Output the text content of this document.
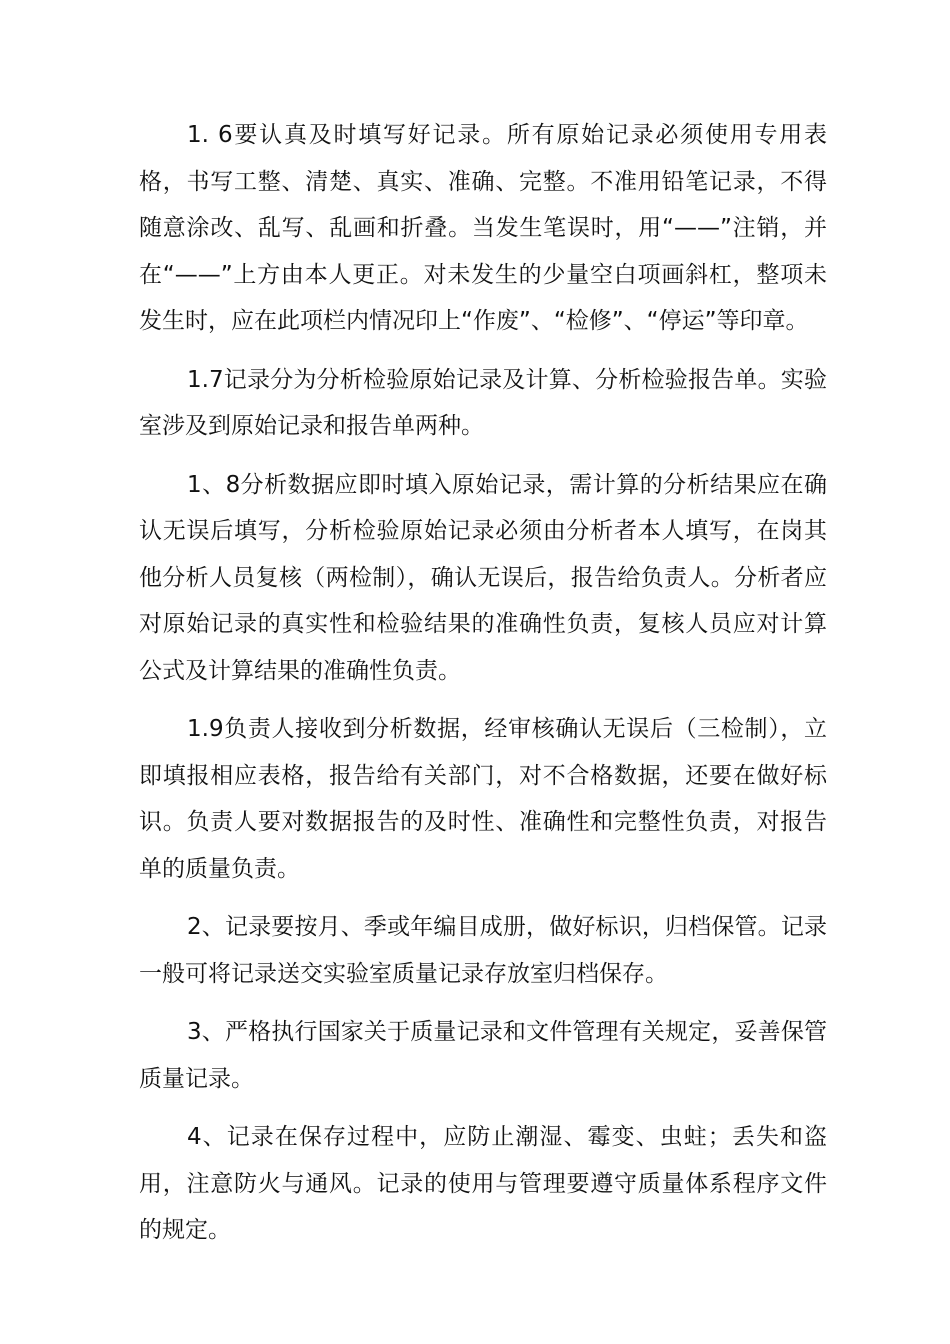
1. 6要认真及时填写好记录。所有原始记录必须使用专用表格，书写工整、清楚、真实、准确、完整。不准用铅笔记录，不得随意涂改、乱写、乱画和折叠。当发生笔误时，用“——”注销，并在“——”上方由本人更正。对未发生的少量空白项画斜杠，整项未发生时，应在此项栏内情况印上“作废”、“检修”、“停运”等印章。

1.7记录分为分析检验原始记录及计算、分析检验报告单。实验室涉及到原始记录和报告单两种。

1、8分析数据应即时填入原始记录，需计算的分析结果应在确认无误后填写，分析检验原始记录必须由分析者本人填写，在岗其他分析人员复核（两检制），确认无误后，报告给负责人。分析者应对原始记录的真实性和检验结果的准确性负责，复核人员应对计算公式及计算结果的准确性负责。

1.9负责人接收到分析数据，经审核确认无误后（三检制），立即填报相应表格，报告给有关部门，对不合格数据，还要在做好标识。负责人要对数据报告的及时性、准确性和完整性负责，对报告单的质量负责。

2、记录要按月、季或年编目成册，做好标识，归档保管。记录一般可将记录送交实验室质量记录存放室归档保存。

3、严格执行国家关于质量记录和文件管理有关规定，妥善保管质量记录。

4、记录在保存过程中，应防止潮湿、霉变、虫蛀；丢失和盗用，注意防火与通风。记录的使用与管理要遵守质量体系程序文件的规定。
